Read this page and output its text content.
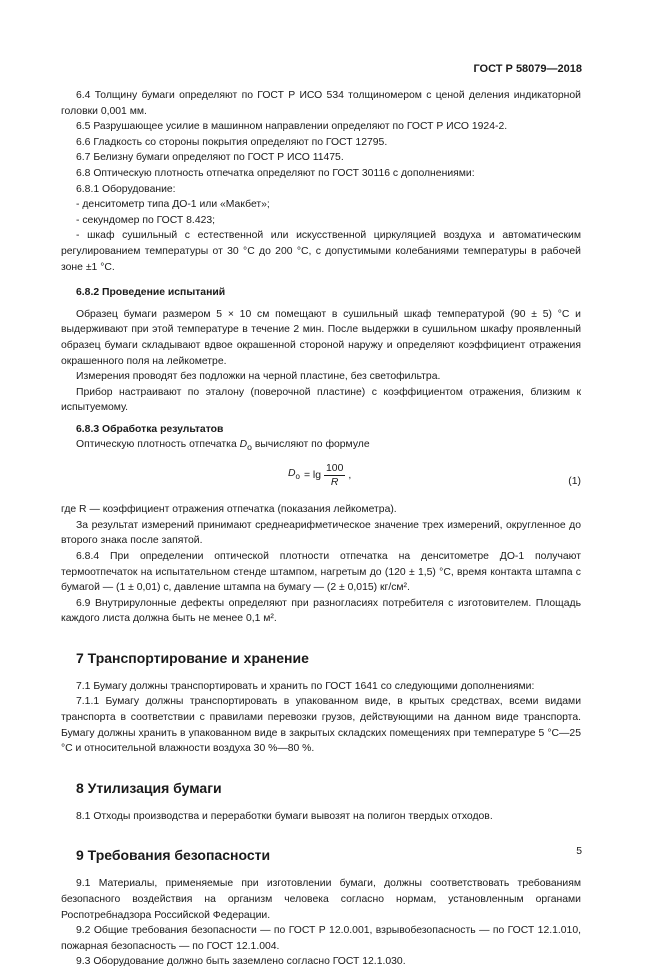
ГОСТ Р 58079—2018

6.4 Толщину бумаги определяют по ГОСТ Р ИСО 534 толщиномером с ценой деления индикаторной головки 0,001 мм.

6.5 Разрушающее усилие в машинном направлении определяют по ГОСТ Р ИСО 1924-2.

6.6 Гладкость со стороны покрытия определяют по ГОСТ 12795.

6.7 Белизну бумаги определяют по ГОСТ Р ИСО 11475.

6.8 Оптическую плотность отпечатка определяют по ГОСТ 30116 с дополнениями:

6.8.1 Оборудование:

- денситометр типа ДО-1 или «Макбет»;

- секундомер по ГОСТ 8.423;

- шкаф сушильный с естественной или искусственной циркуляцией воздуха и автоматическим регулированием температуры от 30 °С до 200 °С, с допустимыми колебаниями температуры в рабочей зоне ±1 °С.

6.8.2 Проведение испытаний

Образец бумаги размером 5 × 10 см помещают в сушильный шкаф температурой (90 ± 5) °С и выдерживают при этой температуре в течение 2 мин. После выдержки в сушильном шкафу проявленный образец бумаги складывают вдвое окрашенной стороной наружу и определяют коэффициент отражения окрашенного поля на лейкометре.

Измерения проводят без подложки на черной пластине, без светофильтра.

Прибор настраивают по эталону (поверочной пластине) с коэффициентом отражения, близким к испытуемому.

6.8.3 Обработка результатов

Оптическую плотность отпечатка $D_о$ вычисляют по формуле

$D_о = \lg \frac{100}{R}$ ,
(1)

где R — коэффициент отражения отпечатка (показания лейкометра).

За результат измерений принимают среднеарифметическое значение трех измерений, округленное до второго знака после запятой.

6.8.4 При определении оптической плотности отпечатка на денситометре ДО-1 получают термоотпечаток на испытательном стенде штампом, нагретым до (120 ± 1,5) °С, время контакта штампа с бумагой — (1 ± 0,01) с, давление штампа на бумагу — (2 ± 0,015) кг/см².

6.9 Внутрирулонные дефекты определяют при разногласиях потребителя с изготовителем. Площадь каждого листа должна быть не менее 0,1 м².

7 Транспортирование и хранение

7.1 Бумагу должны транспортировать и хранить по ГОСТ 1641 со следующими дополнениями:

7.1.1 Бумагу должны транспортировать в упакованном виде, в крытых средствах, всеми видами транспорта в соответствии с правилами перевозки грузов, действующими на данном виде транспорта. Бумагу должны хранить в упакованном виде в закрытых складских помещениях при температуре 5 °С—25 °С и относительной влажности воздуха 30 %—80 %.

8 Утилизация бумаги

8.1 Отходы производства и переработки бумаги вывозят на полигон твердых отходов.

9 Требования безопасности

9.1 Материалы, применяемые при изготовлении бумаги, должны соответствовать требованиям безопасного воздействия на организм человека согласно нормам, установленным органами Роспотребнадзора Российской Федерации.

9.2 Общие требования безопасности — по ГОСТ Р 12.0.001, взрывобезопасность — по ГОСТ 12.1.010, пожарная безопасность — по ГОСТ 12.1.004.

9.3 Оборудование должно быть заземлено согласно ГОСТ 12.1.030.

5
